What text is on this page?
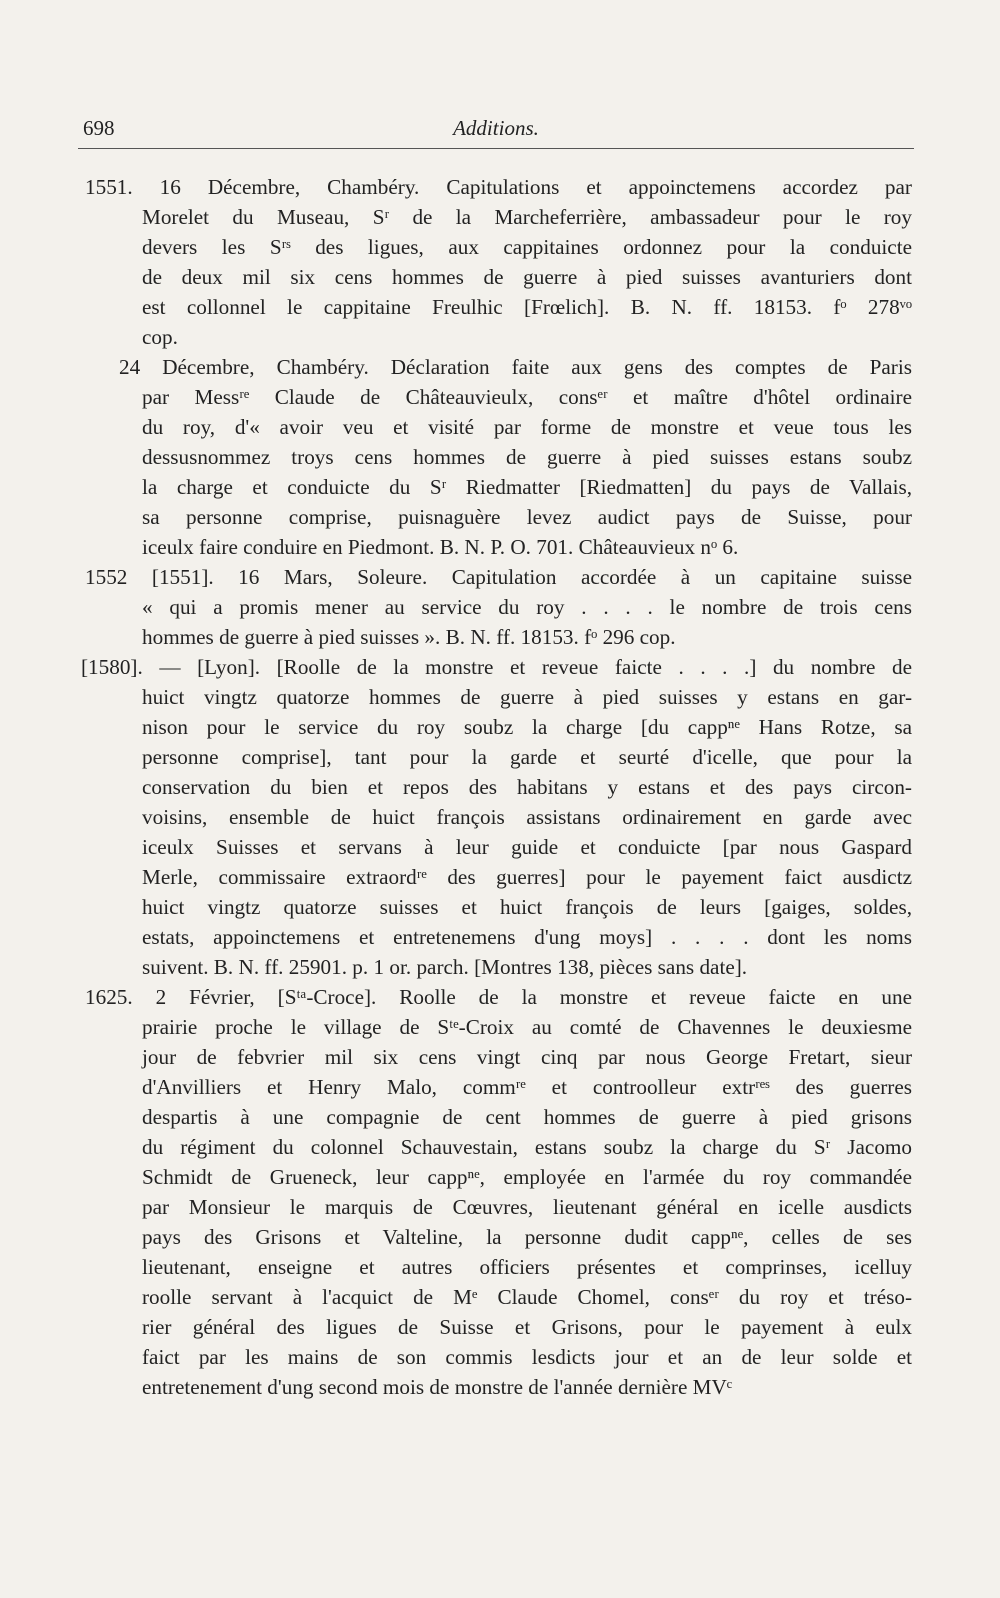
698	Additions.
1551. 16 Décembre, Chambéry. Capitulations et appoinctemens accordez par
Morelet du Museau, Sʳ de la Marcheferrière, ambassadeur pour le roy
devers les Sʳˢ des ligues, aux cappitaines ordonnez pour la conduicte
de deux mil six cens hommes de guerre à pied suisses avanturiers dont
est collonnel le cappitaine Freulhic [Frœlich]. B. N. ff. 18153. fᵒ 278ᵛᵒ
cop.
24 Décembre, Chambéry. Déclaration faite aux gens des comptes de Paris
par Messʳᵉ Claude de Châteauvieulx, consᵉʳ et maître d'hôtel ordinaire
du roy, d'« avoir veu et visité par forme de monstre et veue tous les
dessusnommez troys cens hommes de guerre à pied suisses estans soubz
la charge et conduicte du Sʳ Riedmatter [Riedmatten] du pays de Vallais,
sa personne comprise, puisnaguère levez audict pays de Suisse, pour
iceulx faire conduire en Piedmont. B. N. P. O. 701. Châteauvieux nᵒ 6.
1552 [1551]. 16 Mars, Soleure. Capitulation accordée à un capitaine suisse
« qui a promis mener au service du roy . . . . le nombre de trois cens
hommes de guerre à pied suisses ». B. N. ff. 18153. fᵒ 296 cop.
[1580]. — [Lyon]. [Roolle de la monstre et reveue faicte . . . .] du nombre de
huict vingtz quatorze hommes de guerre à pied suisses y estans en gar-
nison pour le service du roy soubz la charge [du cappⁿᵉ Hans Rotze, sa
personne comprise], tant pour la garde et seurté d'icelle, que pour la
conservation du bien et repos des habitans y estans et des pays circon-
voisins, ensemble de huict françois assistans ordinairement en garde avec
iceulx Suisses et servans à leur guide et conduicte [par nous Gaspard
Merle, commissaire extraordʳᵉ des guerres] pour le payement faict ausdictz
huict vingtz quatorze suisses et huict françois de leurs [gaiges, soldes,
estats, appoinctemens et entretenemens d'ung moys] . . . . dont les noms
suivent. B. N. ff. 25901. p. 1 or. parch. [Montres 138, pièces sans date].
1625. 2 Février, [Sᵗᵃ-Croce]. Roolle de la monstre et reveue faicte en une
prairie proche le village de Sᵗᵉ-Croix au comté de Chavennes le deuxiesme
jour de febvrier mil six cens vingt cinq par nous George Fretart, sieur
d'Anvilliers et Henry Malo, commʳᵉ et controolleur extrʳᵉˢ des guerres
despartis à une compagnie de cent hommes de guerre à pied grisons
du régiment du colonnel Schauvestain, estans soubz la charge du Sʳ Jacomo
Schmidt de Grueneck, leur cappⁿᵉ, employée en l'armée du roy commandée
par Monsieur le marquis de Cœuvres, lieutenant général en icelle ausdicts
pays des Grisons et Valteline, la personne dudit cappⁿᵉ, celles de ses
lieutenant, enseigne et autres officiers présentes et comprinses, icelluy
roolle servant à l'acquict de Mᵉ Claude Chomel, consᵉʳ du roy et tréso-
rier général des ligues de Suisse et Grisons, pour le payement à eulx
faict par les mains de son commis lesdicts jour et an de leur solde et
entretenement d'ung second mois de monstre de l'année dernière MVᶜ
